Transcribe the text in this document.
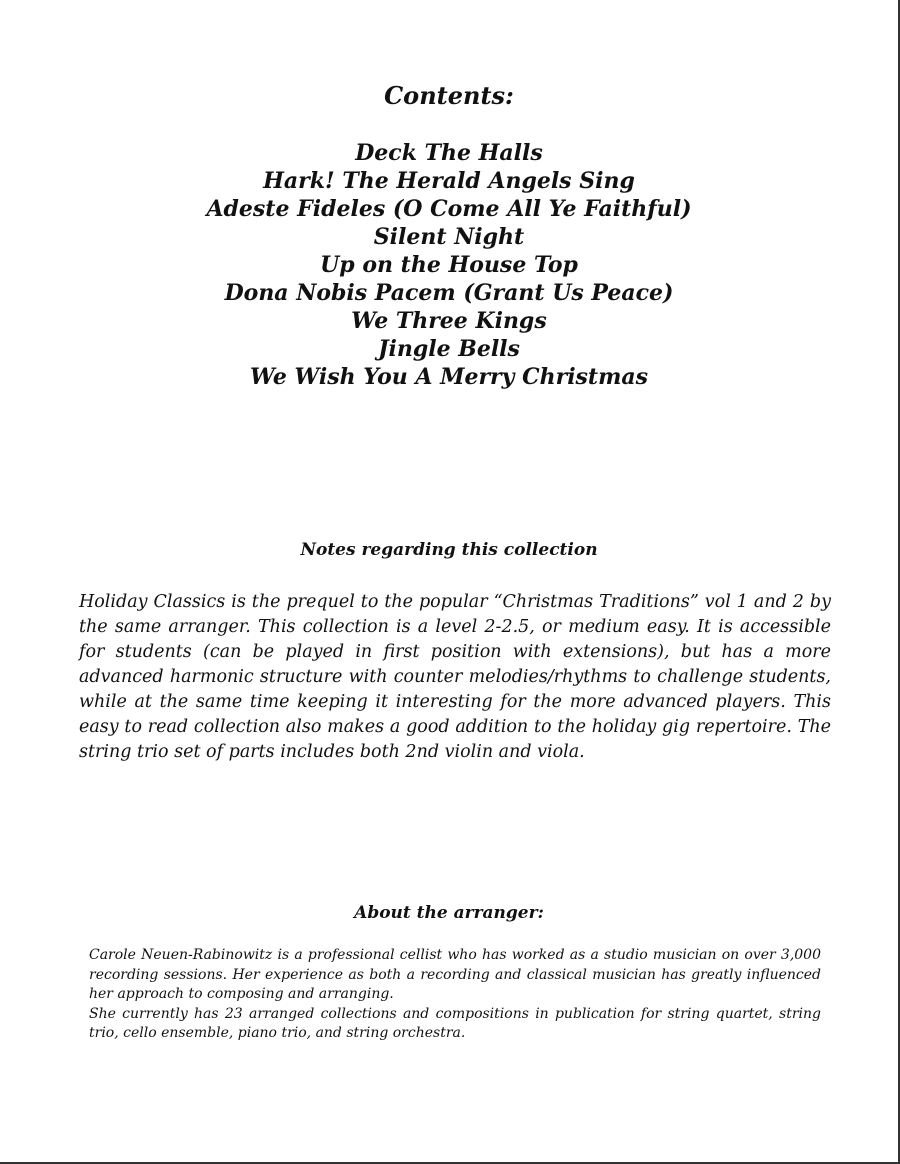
Contents:
Deck The Halls
Hark! The Herald Angels Sing
Adeste Fideles (O Come All Ye Faithful)
Silent Night
Up on the House Top
Dona Nobis Pacem (Grant Us Peace)
We Three Kings
Jingle Bells
We Wish You A Merry Christmas
Notes regarding this collection

Holiday Classics is the prequel to the popular “Christmas Traditions” vol 1 and 2 by the same arranger. This collection is a level 2-2.5, or medium easy. It is accessible for students (can be played in first position with extensions), but has a more advanced harmonic structure with counter melodies/rhythms to challenge students, while at the same time keeping it interesting for the more advanced players. This easy to read collection also makes a good addition to the holiday gig repertoire. The string trio set of parts includes both 2nd violin and viola.

About the arranger:

Carole Neuen-Rabinowitz is a professional cellist who has worked as a studio musician on over 3,000 recording sessions. Her experience as both a recording and classical musician has greatly influenced her approach to composing and arranging.

She currently has 23 arranged collections and compositions in publication for string quartet, string trio, cello ensemble, piano trio, and string orchestra.
